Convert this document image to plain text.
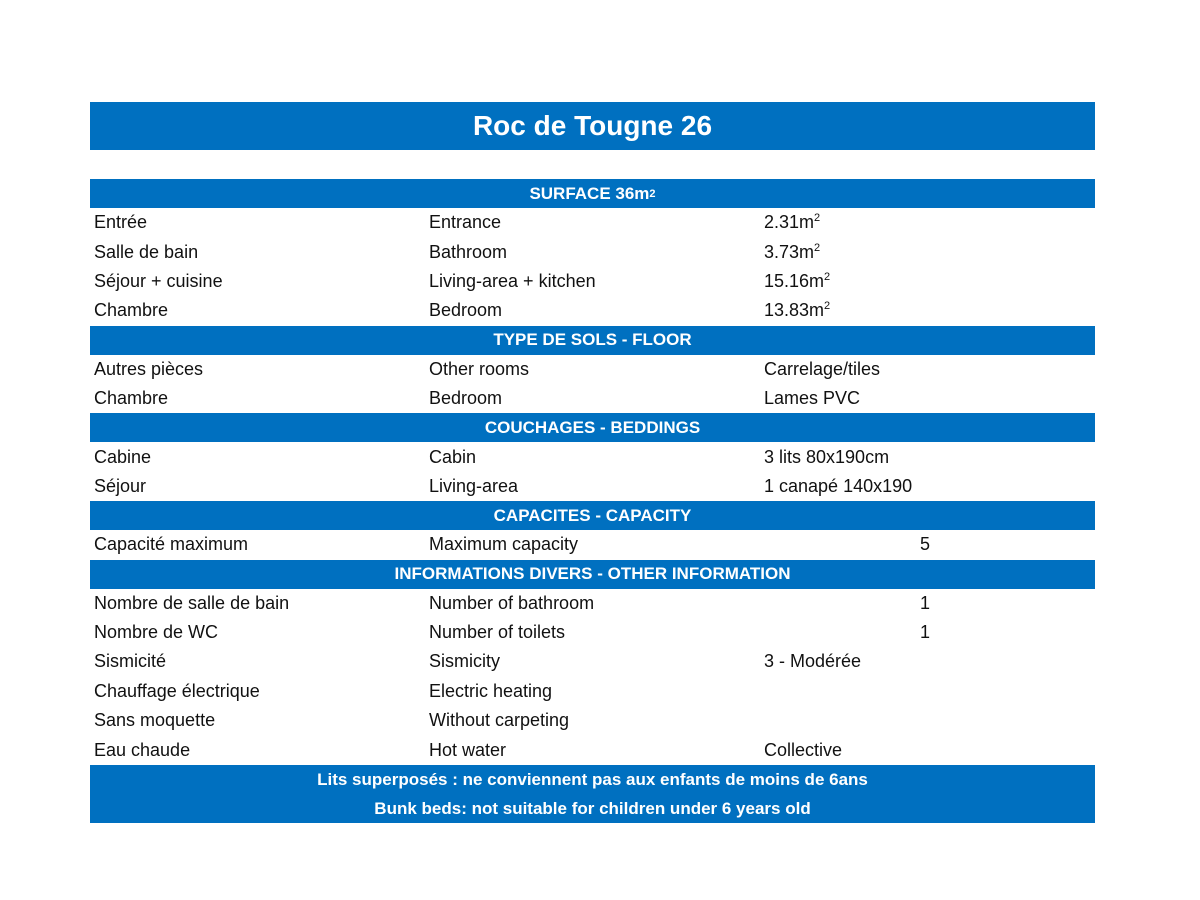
Roc de Tougne 26
SURFACE 36m 2
Entrée	Entrance	$2.31m^2$
Salle de bain	Bathroom	$3.73m^2$
Séjour + cuisine	Living-area + kitchen	$15.16m^2$
Chambre	Bedroom	$13.83m^2$
TYPE DE SOLS - FLOOR
Autres pièces	Other rooms	Carrelage/tiles
Chambre	Bedroom	Lames PVC
COUCHAGES - BEDDINGS
Cabine	Cabin	3 lits 80x190cm
Séjour	Living-area	1 canapé 140x190
CAPACITES - CAPACITY
Capacité maximum	Maximum capacity	5
INFORMATIONS DIVERS - OTHER INFORMATION
Nombre de salle de bain	Number of bathroom	1
Nombre de WC	Number of toilets	1
Sismicité	Sismicity	3 - Modérée
Chauffage électrique	Electric heating
Sans moquette	Without carpeting
Eau chaude	Hot water	Collective
Lits superposés : ne conviennent pas aux enfants de moins de 6ans
Bunk beds: not suitable for children under 6 years old
